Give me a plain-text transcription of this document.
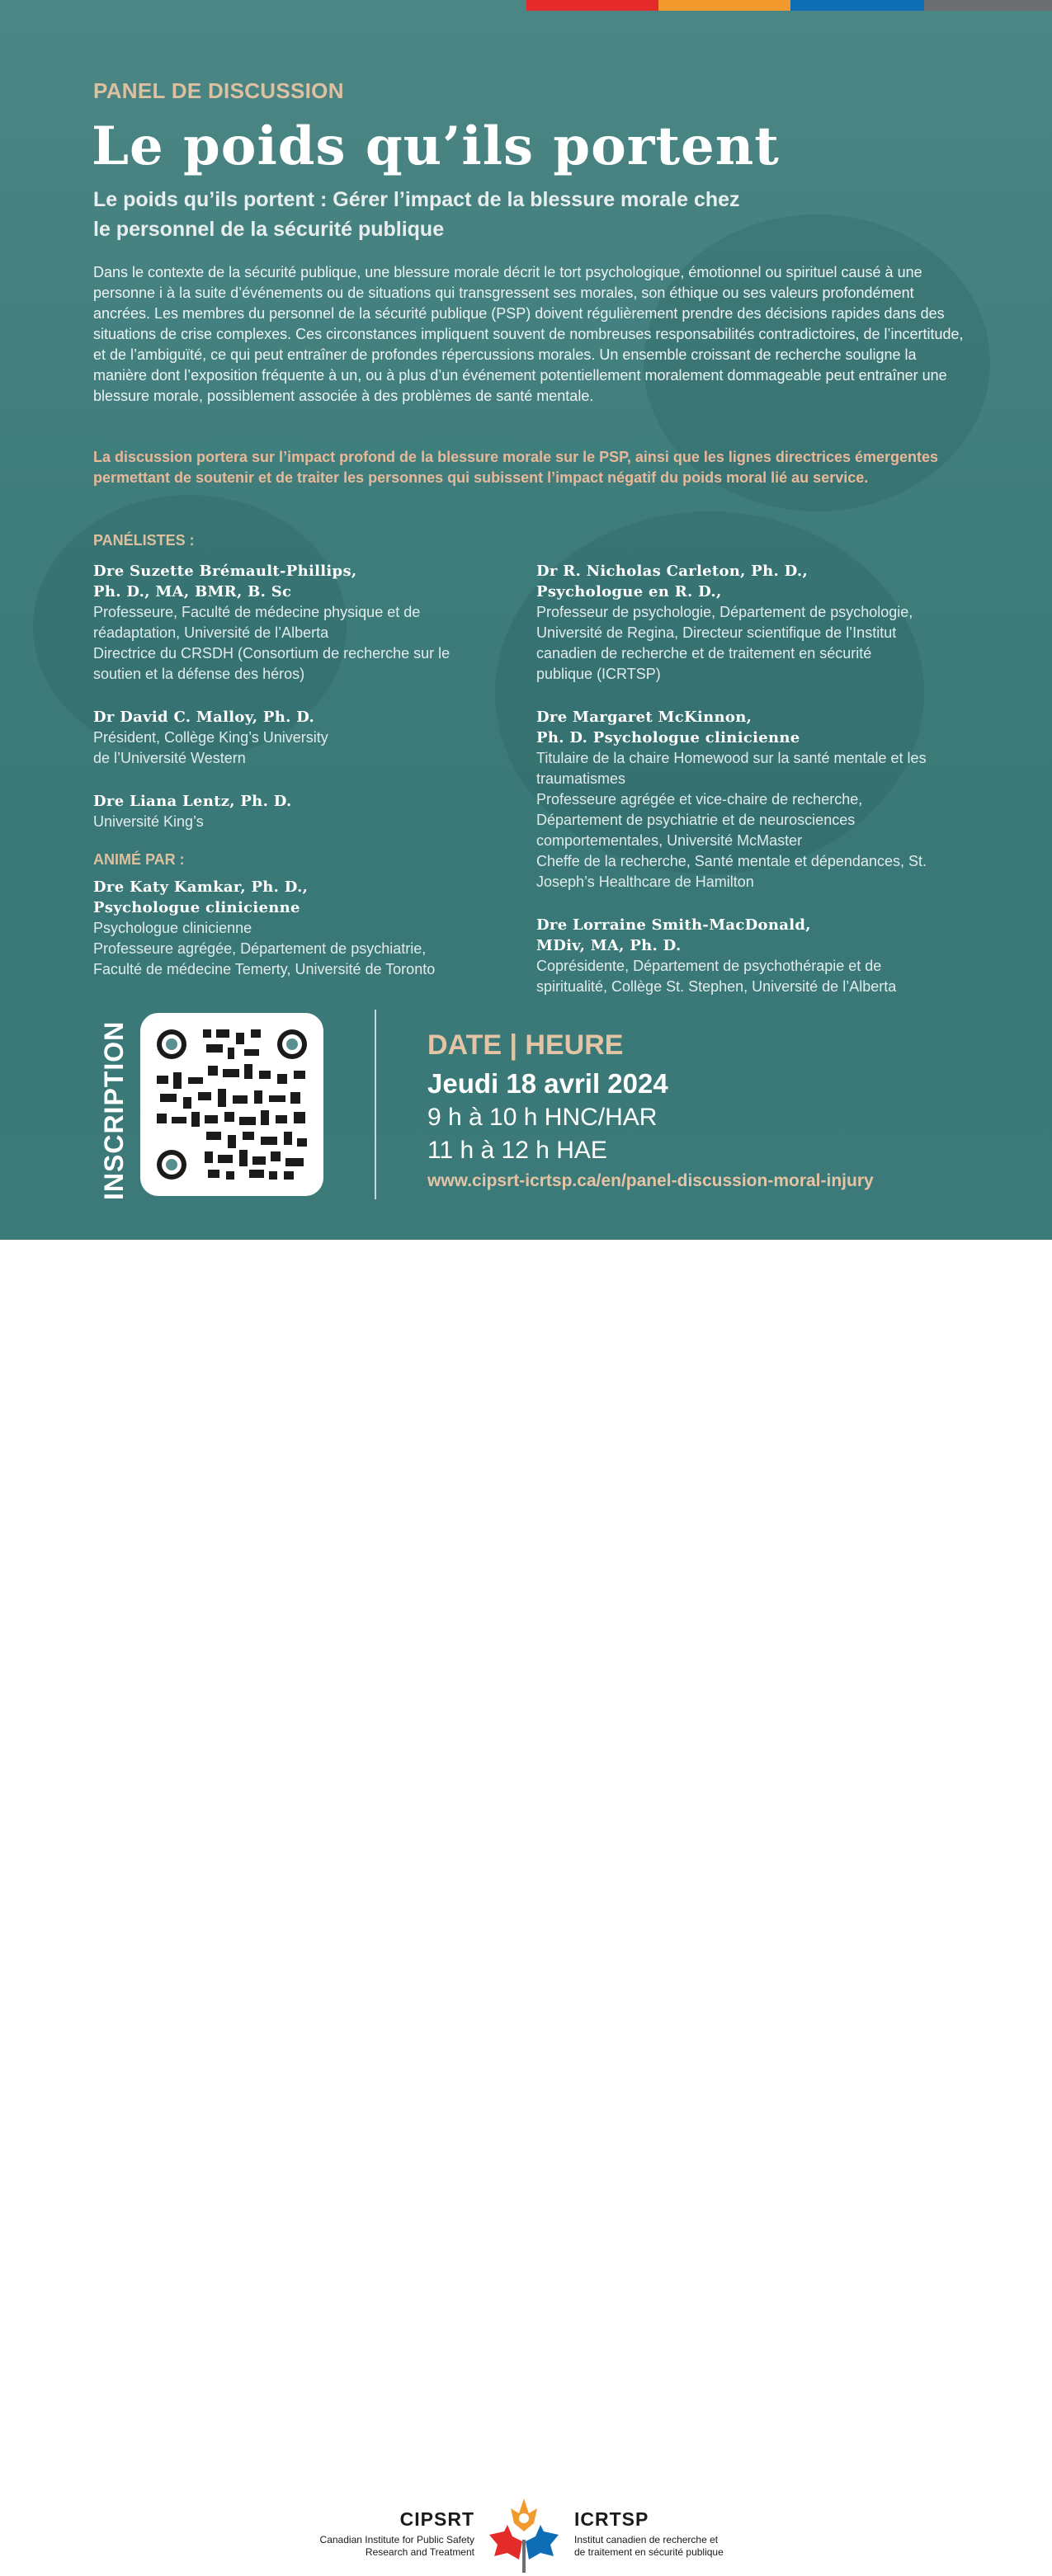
PANEL DE DISCUSSION
Le poids qu’ils portent
Le poids qu’ils portent : Gérer l’impact de la blessure morale chez
le personnel de la sécurité publique
Dans le contexte de la sécurité publique, une blessure morale décrit le tort psychologique, émotionnel ou spirituel causé à une personne i à la suite d’événements ou de situations qui transgressent ses morales, son éthique ou ses valeurs profondément ancrées. Les membres du personnel de la sécurité publique (PSP) doivent régulièrement prendre des décisions rapides dans des situations de crise complexes. Ces circonstances impliquent souvent de nombreuses responsabilités contradictoires, de l’incertitude, et de l’ambiguïté, ce qui peut entraîner de profondes répercussions morales. Un ensemble croissant de recherche souligne la manière dont l’exposition fréquente à un, ou à plus d’un événement potentiellement moralement dommageable peut entraîner une blessure morale, possiblement associée à des problèmes de santé mentale.
La discussion portera sur l’impact profond de la blessure morale sur le PSP, ainsi que les lignes directrices émergentes permettant de soutenir et de traiter les personnes qui subissent l’impact négatif du poids moral lié au service.
PANÉLISTES :
Dre Suzette Brémault-Phillips,
Ph. D., MA, BMR, B. Sc
Professeure, Faculté de médecine physique et de
réadaptation, Université de l’Alberta
Directrice du CRSDH (Consortium de recherche sur le
soutien et la défense des héros)
Dr David C. Malloy, Ph. D.
Président, Collège King’s University
de l’Université Western
Dre Liana Lentz, Ph. D.
Université King’s
ANIMÉ PAR :
Dre Katy Kamkar, Ph. D.,
Psychologue clinicienne
Psychologue clinicienne
Professeure agrégée, Département de psychiatrie,
Faculté de médecine Temerty, Université de Toronto
Dr R. Nicholas Carleton, Ph. D.,
Psychologue en R. D.,
Professeur de psychologie, Département de psychologie,
Université de Regina, Directeur scientifique de l’Institut
canadien de recherche et de traitement en sécurité
publique (ICRTSP)
Dre Margaret McKinnon,
Ph. D. Psychologue clinicienne
Titulaire de la chaire Homewood sur la santé mentale et les
traumatismes
Professeure agrégée et vice-chaire de recherche,
Département de psychiatrie et de neurosciences
comportementales, Université McMaster
Cheffe de la recherche, Santé mentale et dépendances, St.
Joseph’s Healthcare de Hamilton
Dre Lorraine Smith-MacDonald,
MDiv, MA, Ph. D.
Coprésidente, Département de psychothérapie et de
spiritualité, Collège St. Stephen, Université de l’Alberta
INSCRIPTION	DATE | HEURE
Jeudi 18 avril 2024
9 h à 10 h HNC/HAR
11 h à 12 h HAE
www.cipsrt-icrtsp.ca/en/panel-discussion-moral-injury
CIPSRT
Canadian Institute for Public Safety
Research and Treatment
ICRTSP
Institut canadien de recherche et
de traitement en sécurité publique
